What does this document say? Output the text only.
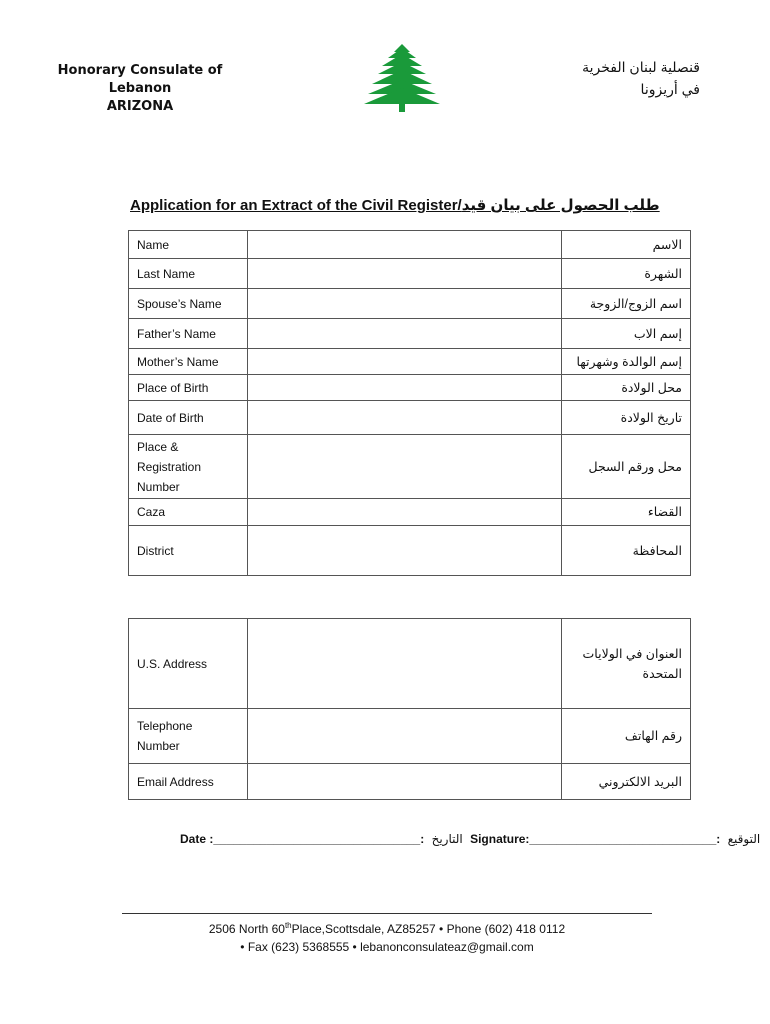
Honorary Consulate of Lebanon
ARIZONA
قنصلية لبنان الفخرية
في أريزونا
Application for an Extract of the Civil Register/طلب الحصول على بيان قيد
Name		الاسم
Last Name		الشهرة
Spouse’s Name		اسم الزوج/الزوجة
Father’s Name		إسم الاب
Mother’s Name		إسم الوالدة وشهرتها
Place of Birth		محل الولادة
Date of Birth		تاريخ الولادة

Place &
Registration
Number		محل ورقم السجل
Caza		القضاء
District		المحافظة
U.S. Address		العنوان في الولايات
المتحدة

Telephone
Number		رقم الهاتف
Email Address		البريد الالكتروني
Date :_______________________________: التاريخ Signature:____________________________: التوقيع
2506 North 60thPlace,Scottsdale, AZ85257 • Phone (602) 418 0112
• Fax (623) 5368555 • lebanonconsulateaz@gmail.com
